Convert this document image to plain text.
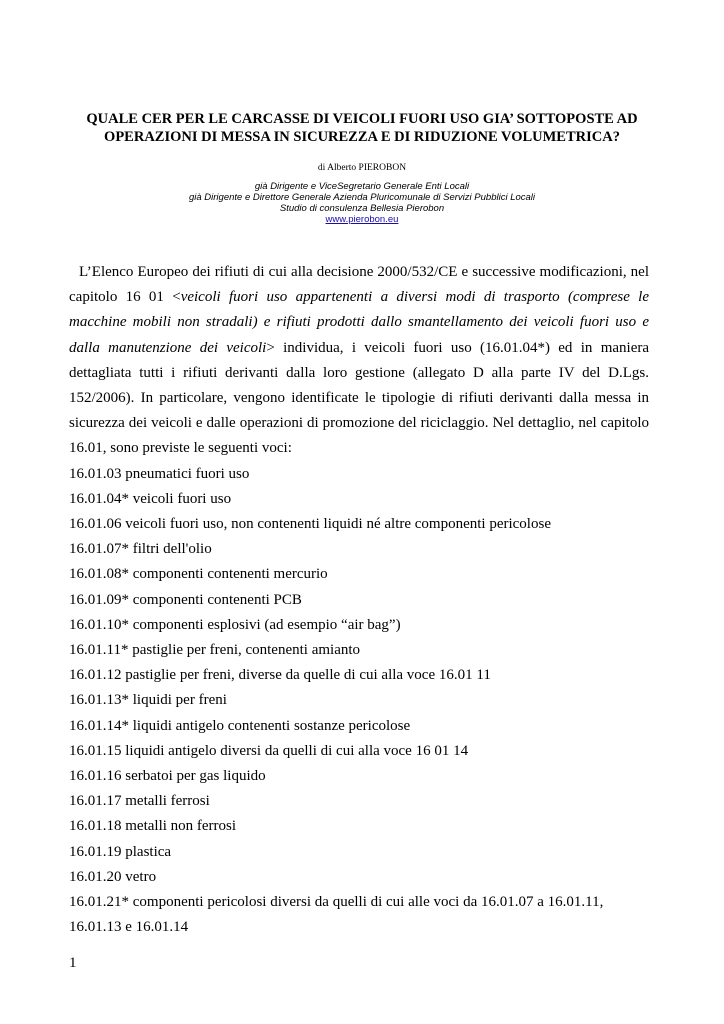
QUALE CER PER LE CARCASSE DI VEICOLI FUORI USO GIA’ SOTTOPOSTE AD
OPERAZIONI DI MESSA IN SICUREZZA E DI RIDUZIONE VOLUMETRICA?
di Alberto PIEROBON
già Dirigente e ViceSegretario Generale Enti Locali
già Dirigente e Direttore Generale Azienda Pluricomunale di Servizi Pubblici Locali
Studio di consulenza Bellesia Pierobon
www.pierobon.eu

L’Elenco Europeo dei rifiuti di cui alla decisione 2000/532/CE e successive modificazioni, nel capitolo 16 01 <veicoli fuori uso appartenenti a diversi modi di trasporto (comprese le macchine mobili non stradali) e rifiuti prodotti dallo smantellamento dei veicoli fuori uso e dalla manutenzione dei veicoli> individua, i veicoli fuori uso (16.01.04*) ed in maniera dettagliata tutti i rifiuti derivanti dalla loro gestione (allegato D alla parte IV del D.Lgs. 152/2006). In particolare, vengono identificate le tipologie di rifiuti derivanti dalla messa in sicurezza dei veicoli e dalle operazioni di promozione del riciclaggio. Nel dettaglio, nel capitolo 16.01, sono previste le seguenti voci:

16.01.03 pneumatici fuori uso
16.01.04* veicoli fuori uso
16.01.06 veicoli fuori uso, non contenenti liquidi né altre componenti pericolose
16.01.07* filtri dell'olio
16.01.08* componenti contenenti mercurio
16.01.09* componenti contenenti PCB
16.01.10* componenti esplosivi (ad esempio “air bag”)
16.01.11* pastiglie per freni, contenenti amianto
16.01.12 pastiglie per freni, diverse da quelle di cui alla voce 16.01 11
16.01.13* liquidi per freni
16.01.14* liquidi antigelo contenenti sostanze pericolose
16.01.15 liquidi antigelo diversi da quelli di cui alla voce 16 01 14
16.01.16 serbatoi per gas liquido
16.01.17 metalli ferrosi
16.01.18 metalli non ferrosi
16.01.19 plastica
16.01.20 vetro
16.01.21* componenti pericolosi diversi da quelli di cui alle voci da 16.01.07 a 16.01.11, 16.01.13 e 16.01.14
1
